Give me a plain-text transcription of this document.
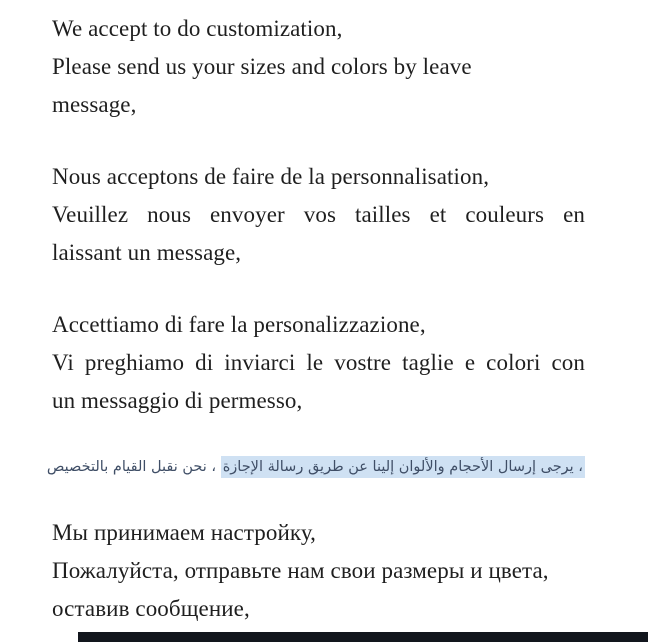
We accept to do customization,
Please send us your sizes and colors by leave
message,
Nous acceptons de faire de la personnalisation,
Veuillez nous envoyer vos tailles et couleurs en
laissant un message,
Accettiamo di fare la personalizzazione,
Vi preghiamo di inviarci le vostre taglie e colori con
un messaggio di permesso,
، يرجى إرسال الأحجام والألوان إلينا عن طريق رسالة الإجازة ، نحن نقبل القيام بالتخصيص
Мы принимаем настройку,
Пожалуйста, отправьте нам свои размеры и цвета,
оставив сообщение,
